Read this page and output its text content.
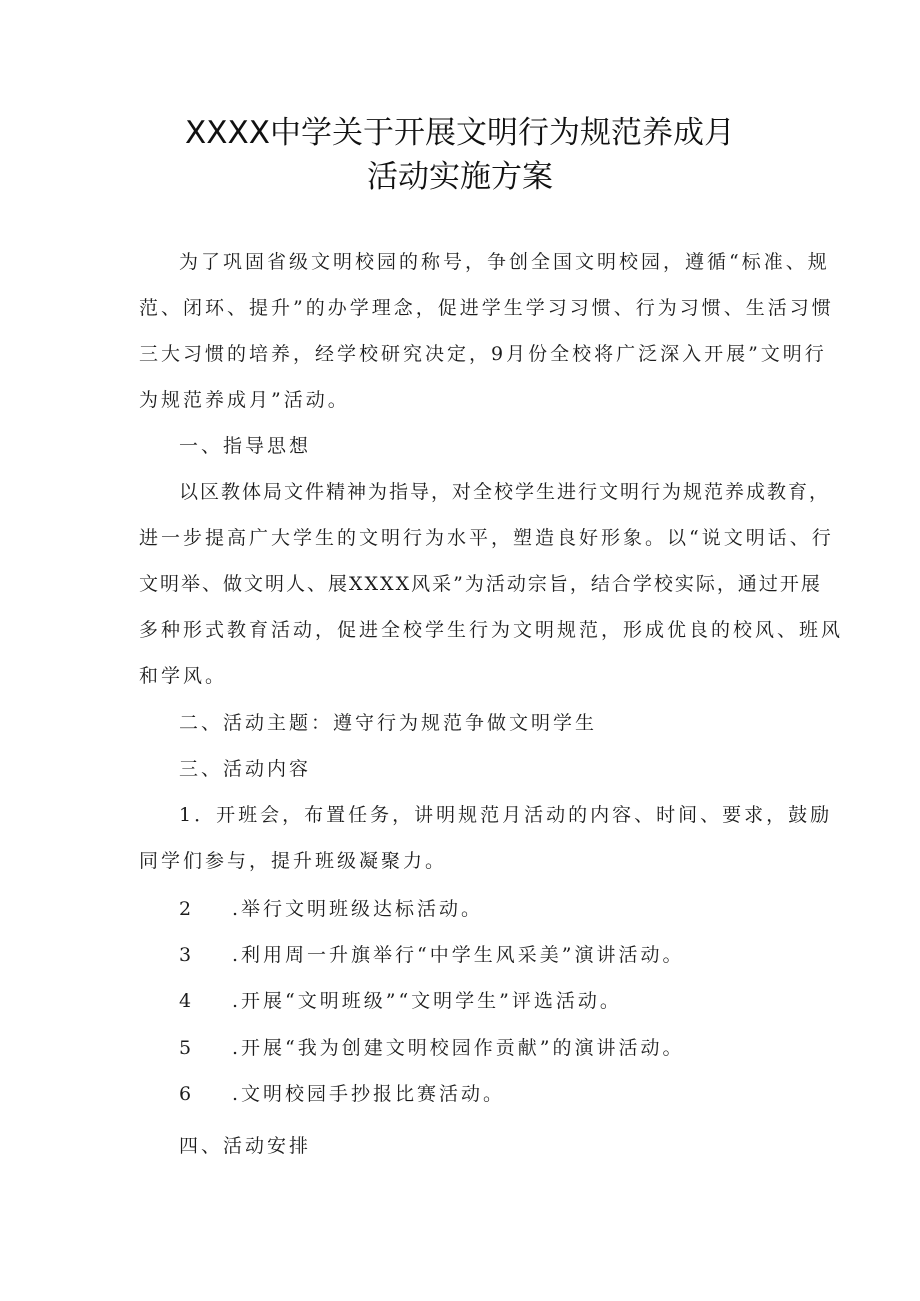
XXXX中学关于开展文明行为规范养成月
活动实施方案
为了巩固省级文明校园的称号，争创全国文明校园，遵循“标准、规
范、闭环、提升”的办学理念，促进学生学习习惯、行为习惯、生活习惯
三大习惯的培养，经学校研究决定，9月份全校将广泛深入开展”文明行
为规范养成月”活动。
一、指导思想
以区教体局文件精神为指导，对全校学生进行文明行为规范养成教育，
进一步提高广大学生的文明行为水平，塑造良好形象。以“说文明话、行
文明举、做文明人、展XXXX风采”为活动宗旨，结合学校实际，通过开展
多种形式教育活动，促进全校学生行为文明规范，形成优良的校风、班风
和学风。
二、活动主题：遵守行为规范争做文明学生
三、活动内容
1．开班会，布置任务，讲明规范月活动的内容、时间、要求，鼓励
同学们参与，提升班级凝聚力。
2 .举行文明班级达标活动。
3 .利用周一升旗举行“中学生风采美”演讲活动。
4 .开展“文明班级”“文明学生”评选活动。
5 .开展“我为创建文明校园作贡献”的演讲活动。
6 .文明校园手抄报比赛活动。
四、活动安排
